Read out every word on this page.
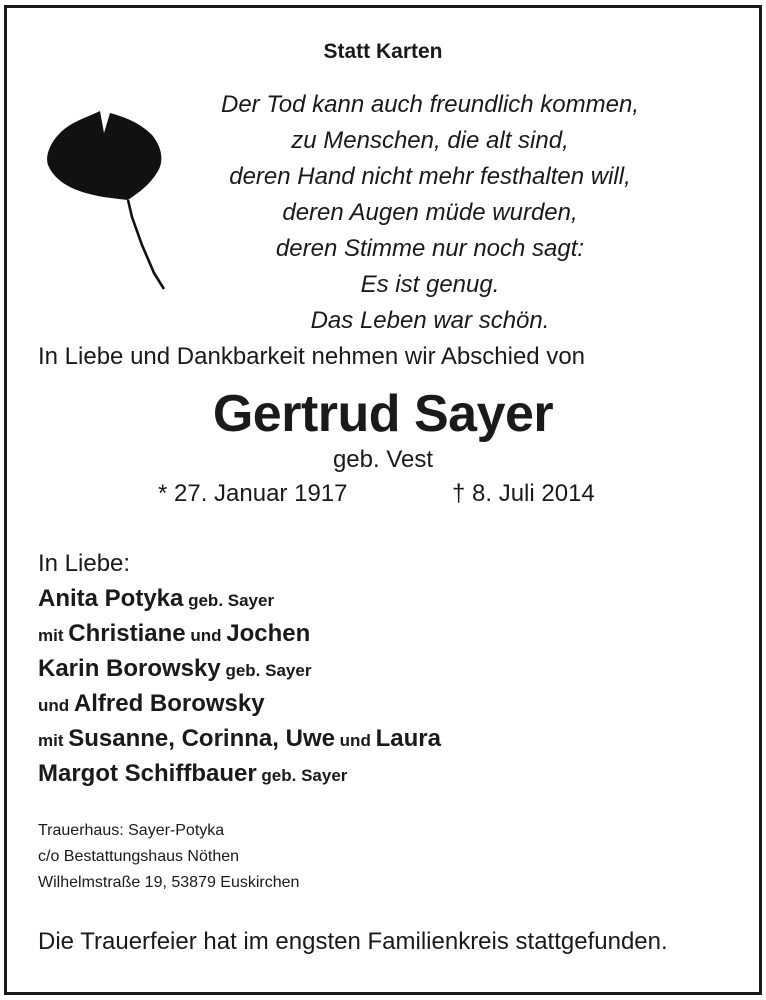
Statt Karten
Der Tod kann auch freundlich kommen,
zu Menschen, die alt sind,
deren Hand nicht mehr festhalten will,
deren Augen müde wurden,
deren Stimme nur noch sagt:
Es ist genug.
Das Leben war schön.
In Liebe und Dankbarkeit nehmen wir Abschied von
Gertrud Sayer
geb. Vest
* 27. Januar 1917	† 8. Juli 2014
In Liebe:
Anita Potyka geb. Sayer
mit Christiane und Jochen
Karin Borowsky geb. Sayer
und Alfred Borowsky
mit Susanne, Corinna, Uwe und Laura
Margot Schiffbauer geb. Sayer
Trauerhaus: Sayer-Potyka
c/o Bestattungshaus Nöthen
Wilhelmstraße 19, 53879 Euskirchen
Die Trauerfeier hat im engsten Familienkreis stattgefunden.
